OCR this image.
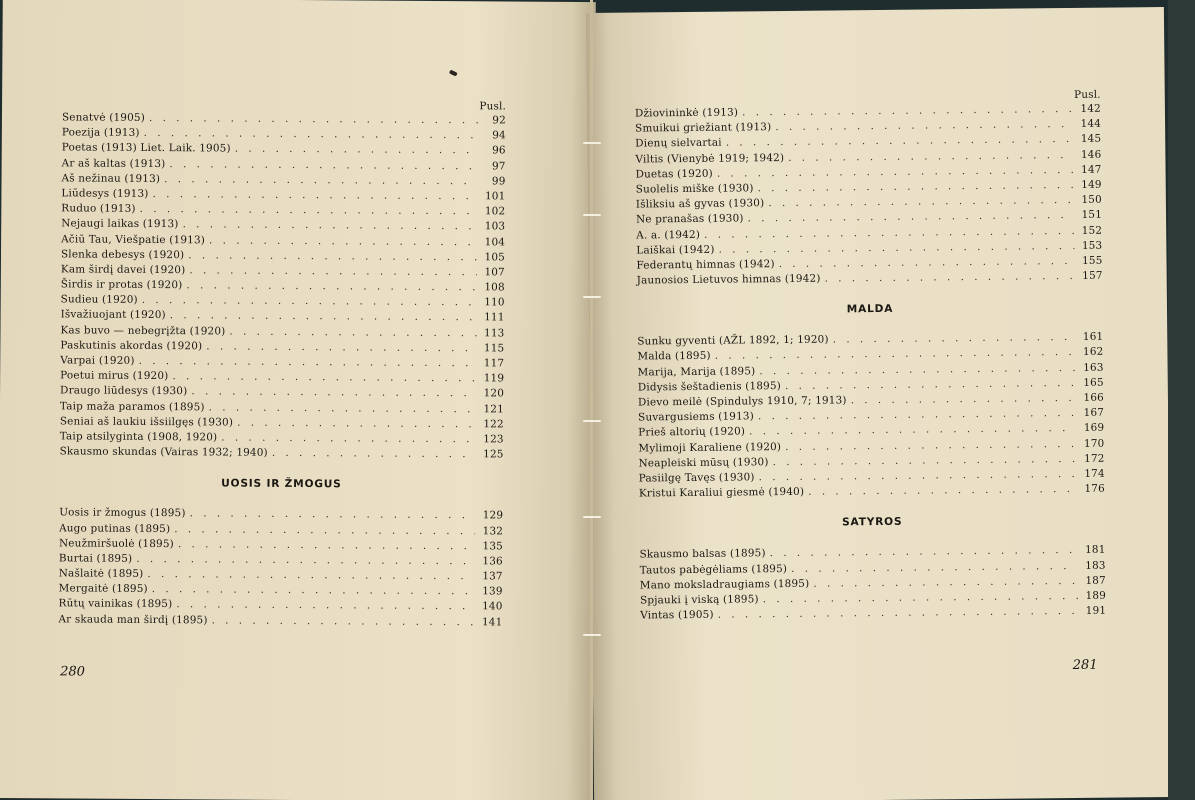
Pusl.
Senatvė (1905) . . .	92
Poezija (1913) . . .	94
Poetas (1913) Liet. Laik. 1905) . . .	96
Ar aš kaltas (1913) . . .	97
Aš nežinau (1913) . . .	99
Liūdesys (1913) . . .	101
Ruduo (1913) . . .	102
Nejaugi laikas (1913) . . .	103
Ačiū Tau, Viešpatie (1913) . . .	104
Slenka debesys (1920) . . .	105
Kam širdį davei (1920) . . .	107
Širdis ir protas (1920) . . .	108
Sudieu (1920) . . .	110
Išvažiuojant (1920) . . .	111
Kas buvo — nebegrįžta (1920) . . .	113
Paskutinis akordas (1920) . . .	115
Varpai (1920) . . .	117
Poetui mirus (1920) . . .	119
Draugo liūdesys (1930) . . .	120
Taip maža paramos (1895) . . .	121
Seniai aš laukiu išsiilgęs (1930) . . .	122
Taip atsilyginta (1908, 1920) . . .	123
Skausmo skundas (Vairas 1932; 1940) . . .	125
UOSIS IR ŽMOGUS
Uosis ir žmogus (1895) . . .	129
Augo putinas (1895) . . .	132
Neužmiršuolė (1895) . . .	135
Burtai (1895) . . .	136
Našlaitė (1895) . . .	137
Mergaitė (1895) . . .	139
Rūtų vainikas (1895) . . .	140
Ar skauda man širdį (1895) . . .	141
280
Pusl.
Džiovininkė (1913) . . .	142
Smuikui griežiant (1913) . . .	144
Dienų sielvartai . . .	145
Viltis (Vienybė 1919; 1942) . . .	146
Duetas (1920) . . .	147
Suolelis miške (1930) . . .	149
Išliksiu aš gyvas (1930) . . .	150
Ne pranašas (1930) . . .	151
A. a. (1942) . . .	152
Laiškai (1942) . . .	153
Federantų himnas (1942) . . .	155
Jaunosios Lietuvos himnas (1942) . . .	157
MALDA
Sunku gyventi (AŽL 1892, 1; 1920) . . .	161
Malda (1895) . . .	162
Marija, Marija (1895) . . .	163
Didysis šeštadienis (1895) . . .	165
Dievo meilė (Spindulys 1910, 7; 1913) . . .	166
Suvargusiems (1913) . . .	167
Prieš altorių (1920) . . .	169
Mylimoji Karaliene (1920) . . .	170
Neapleiski mūsų (1930) . . .	172
Pasiilgę Tavęs (1930) . . .	174
Kristui Karaliui giesmė (1940) . . .	176
SATYROS
Skausmo balsas (1895) . . .	181
Tautos pabėgėliams (1895) . . .	183
Mano moksladraugiams (1895) . . .	187
Spjauki į viską (1895) . . .	189
Vintas (1905) . . .	191
281
